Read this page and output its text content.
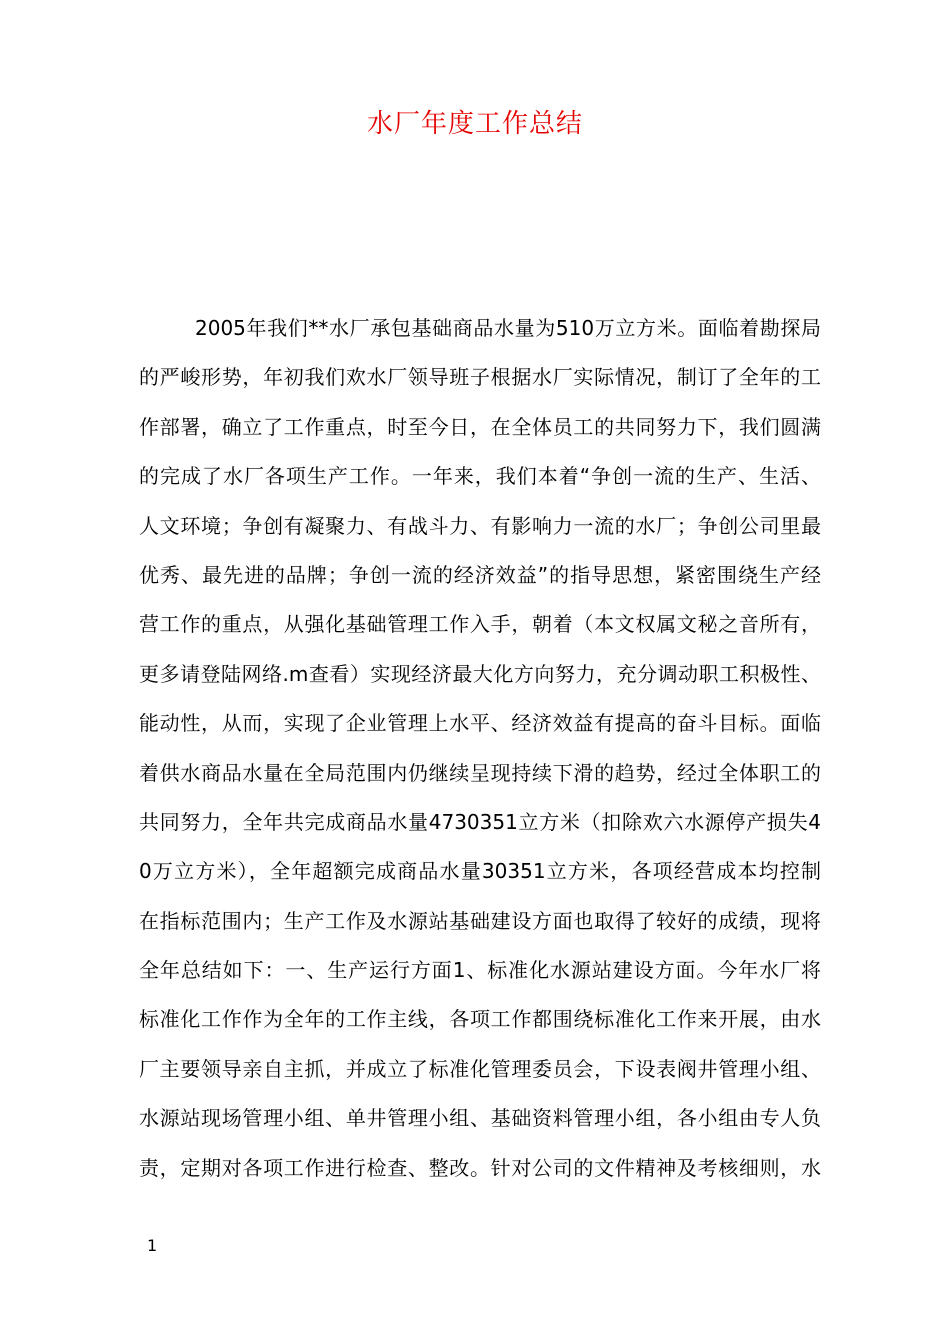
水厂年度工作总结
2005年我们**水厂承包基础商品水量为510万立方米。面临着勘探局
的严峻形势，年初我们欢水厂领导班子根据水厂实际情况，制订了全年的工
作部署，确立了工作重点，时至今日，在全体员工的共同努力下，我们圆满
的完成了水厂各项生产工作。一年来，我们本着“争创一流的生产、生活、
人文环境；争创有凝聚力、有战斗力、有影响力一流的水厂；争创公司里最
优秀、最先进的品牌；争创一流的经济效益”的指导思想，紧密围绕生产经
营工作的重点，从强化基础管理工作入手，朝着（本文权属文秘之音所有，
更多请登陆网络.m查看）实现经济最大化方向努力，充分调动职工积极性、
能动性，从而，实现了企业管理上水平、经济效益有提高的奋斗目标。面临
着供水商品水量在全局范围内仍继续呈现持续下滑的趋势，经过全体职工的
共同努力，全年共完成商品水量4730351立方米（扣除欢六水源停产损失4
0万立方米），全年超额完成商品水量30351立方米，各项经营成本均控制
在指标范围内；生产工作及水源站基础建设方面也取得了较好的成绩，现将
全年总结如下：一、生产运行方面1、标准化水源站建设方面。今年水厂将
标准化工作作为全年的工作主线，各项工作都围绕标准化工作来开展，由水
厂主要领导亲自主抓，并成立了标准化管理委员会，下设表阀井管理小组、
水源站现场管理小组、单井管理小组、基础资料管理小组，各小组由专人负
责，定期对各项工作进行检查、整改。针对公司的文件精神及考核细则，水
1
